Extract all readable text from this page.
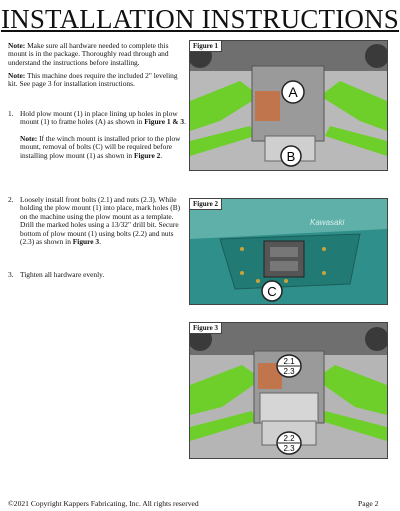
INSTALLATION INSTRUCTIONS

Note: Make sure all hardware needed to complete this mount is in the package. Thoroughly read through and understand the instructions before installing.

Note: This machine does require the included 2" leveling kit. See page 3 for installation instructions.

1. Hold plow mount (1) in place lining up holes in plow mount (1) to frame holes (A) as shown in Figure 1 & 3.
Note: If the winch mount is installed prior to the plow mount, removal of bolts (C) will be required before installing plow mount (1) as shown in Figure 2.
2. Loosely install front bolts (2.1) and nuts (2.3). While holding the plow mount (1) into place, mark holes (B) on the machine using the plow mount as a template. Drill the marked holes using a 13/32" drill bit. Secure bottom of plow mount (1) using bolts (2.2) and nuts (2.3) as shown in Figure 3.
3. Tighten all hardware evenly.
Figure 1
A
B
Figure 2
Kawasaki
C
Figure 3
2.1
2.3
2.2
2.3
©2021 Copyright Kappers Fabricating, Inc. All rights reserved	Page 2
